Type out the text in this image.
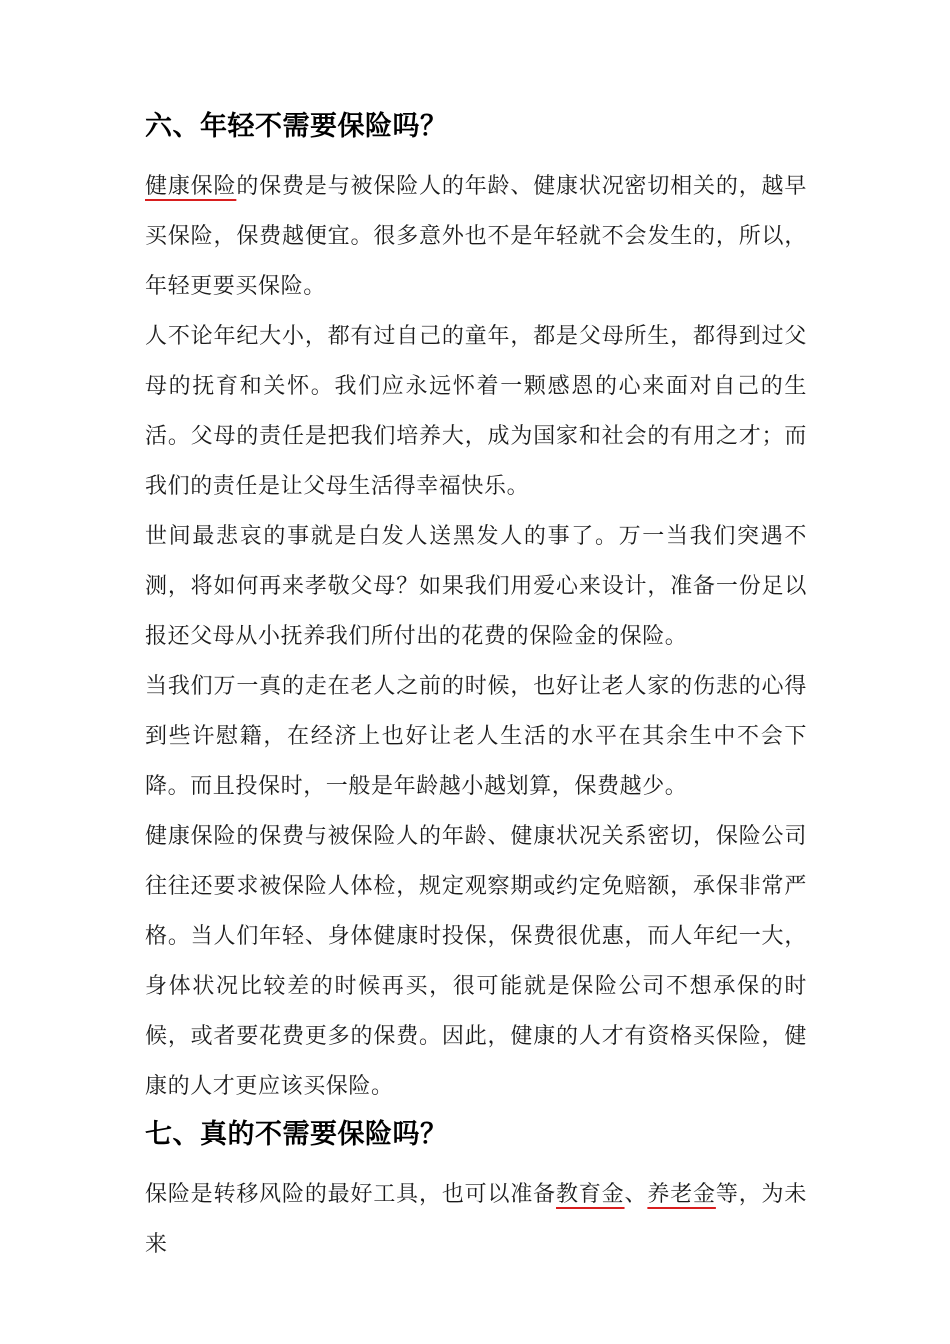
六、年轻不需要保险吗？

健康保险的保费是与被保险人的年龄、健康状况密切相关的，越早买保险，保费越便宜。很多意外也不是年轻就不会发生的，所以，年轻更要买保险。

人不论年纪大小，都有过自己的童年，都是父母所生，都得到过父母的抚育和关怀。我们应永远怀着一颗感恩的心来面对自己的生活。父母的责任是把我们培养大，成为国家和社会的有用之才；而我们的责任是让父母生活得幸福快乐。

世间最悲哀的事就是白发人送黑发人的事了。万一当我们突遇不测，将如何再来孝敬父母？如果我们用爱心来设计，准备一份足以报还父母从小抚养我们所付出的花费的保险金的保险。

当我们万一真的走在老人之前的时候，也好让老人家的伤悲的心得到些许慰籍，在经济上也好让老人生活的水平在其余生中不会下降。而且投保时，一般是年龄越小越划算，保费越少。

健康保险的保费与被保险人的年龄、健康状况关系密切，保险公司往往还要求被保险人体检，规定观察期或约定免赔额，承保非常严格。当人们年轻、身体健康时投保，保费很优惠，而人年纪一大，身体状况比较差的时候再买，很可能就是保险公司不想承保的时候，或者要花费更多的保费。因此，健康的人才有资格买保险，健康的人才更应该买保险。

七、真的不需要保险吗？

保险是转移风险的最好工具，也可以准备教育金、养老金等，为未来
